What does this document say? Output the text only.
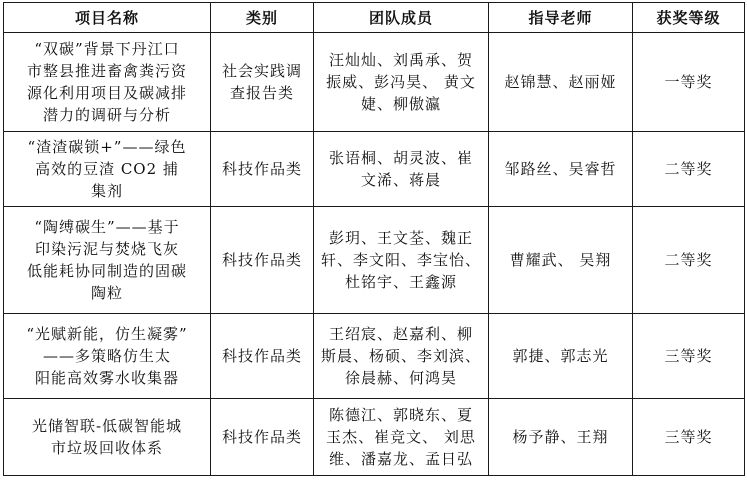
项目名称	类别	团队成员	指导老师	获奖等级
“双碳”背景下丹江口
市整县推进畜禽粪污资
源化利用项目及碳减排
潜力的调研与分析	社会实践调
查报告类	汪灿灿、刘禹承、贺
振威、彭冯昊、 黄文
婕、柳傲瀛	赵锦慧、赵丽娅	一等奖
“渣渣碳锁+”——绿色
高效的豆渣 CO2 捕
集剂	科技作品类	张语桐、胡灵波、崔
文浠、蒋晨	邹路丝、吴睿哲	二等奖
“陶缚碳生”——基于
印染污泥与焚烧飞灰
低能耗协同制造的固碳
陶粒	科技作品类	彭玥、王文荃、魏正
轩、李文阳、李宝怡、
杜铭宇、王鑫源	曹耀武、 吴翔	二等奖
“光赋新能，仿生凝雾”
——多策略仿生太
阳能高效雾水收集器	科技作品类	王绍宸、赵嘉利、柳
斯晨、杨硕、李刘滨、
徐晨赫、何鸿昊	郭捷、郭志光	三等奖
光储智联-低碳智能城
市垃圾回收体系	科技作品类	陈德江、郭晓东、夏
玉杰、崔竞文、 刘思
维、潘嘉龙、孟日弘	杨予静、王翔	三等奖
